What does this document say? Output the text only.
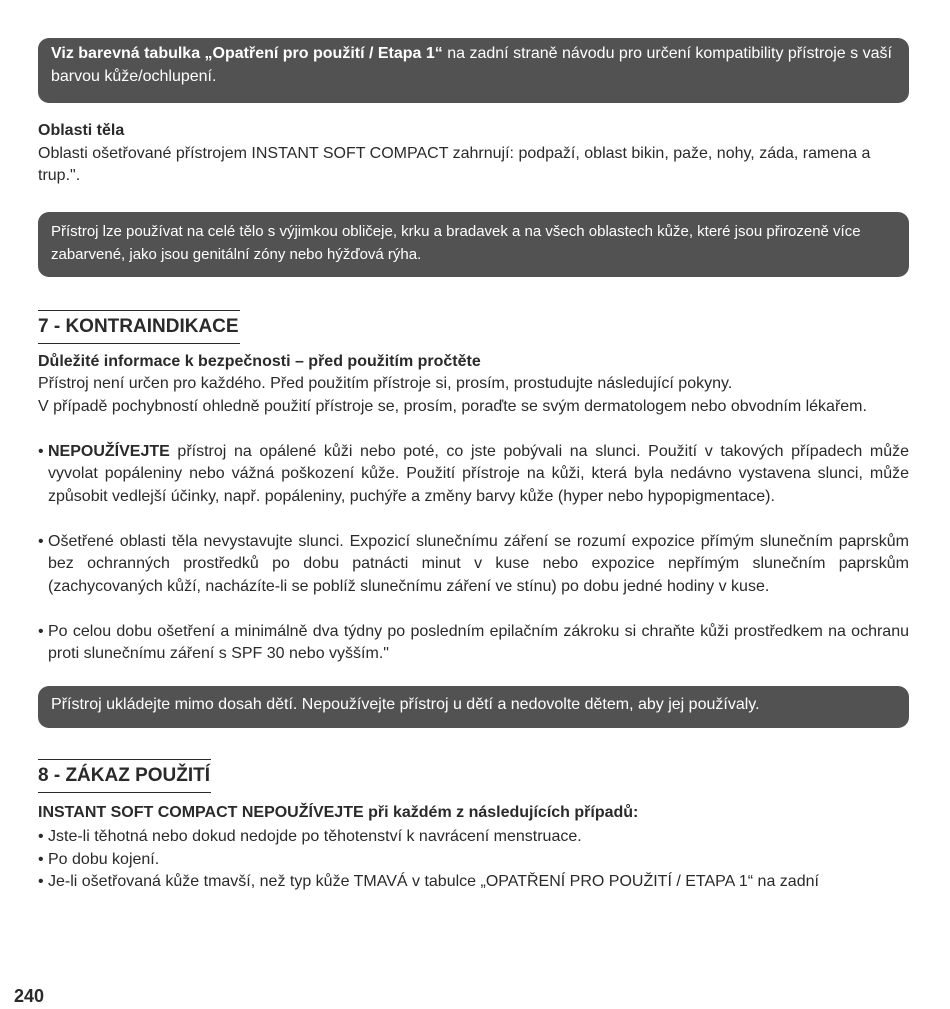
Viz barevná tabulka „Opatření pro použití / Etapa 1“ na zadní straně návodu pro určení kompatibility přístroje s vaší barvou kůže/ochlupení.

Oblasti těla

Oblasti ošetřované přístrojem INSTANT SOFT COMPACT zahrnují: podpaží, oblast bikin, paže, nohy, záda, ramena a trup.".

Přístroj lze používat na celé tělo s výjimkou obličeje, krku a bradavek a na všech oblastech kůže, které jsou přirozeně více zabarvené, jako jsou genitální zóny nebo hýžďová rýha.
7 - KONTRAINDIKACE

Důležité informace k bezpečnosti – před použitím pročtěte

Přístroj není určen pro každého. Před použitím přístroje si, prosím, prostudujte následující pokyny.

V případě pochybností ohledně použití přístroje se, prosím, poraďte se svým dermatologem nebo obvodním lékařem.

• NEPOUŽÍVEJTE přístroj na opálené kůži nebo poté, co jste pobývali na slunci. Použití v takových případech může vyvolat popáleniny nebo vážná poškození kůže. Použití přístroje na kůži, která byla nedávno vystavena slunci, může způsobit vedlejší účinky, např. popáleniny, puchýře a změny barvy kůže (hyper nebo hypopigmentace).
• Ošetřené oblasti těla nevystavujte slunci. Expozicí slunečnímu záření se rozumí expozice přímým slunečním paprskům bez ochranných prostředků po dobu patnácti minut v kuse nebo expozice nepřímým slunečním paprskům (zachycovaných kůží, nacházíte-li se poblíž slunečnímu záření ve stínu) po dobu jedné hodiny v kuse.
• Po celou dobu ošetření a minimálně dva týdny po posledním epilačním zákroku si chraňte kůži prostředkem na ochranu proti slunečnímu záření s SPF 30 nebo vyšším."
Přístroj ukládejte mimo dosah dětí. Nepoužívejte přístroj u dětí a nedovolte dětem, aby jej používaly.
8 - ZÁKAZ POUŽITÍ

INSTANT SOFT COMPACT NEPOUŽÍVEJTE při každém z následujících případů:

• Jste-li těhotná nebo dokud nedojde po těhotenství k navrácení menstruace.
• Po dobu kojení.
• Je-li ošetřovaná kůže tmavší, než typ kůže TMAVÁ v tabulce „OPATŘENÍ PRO POUŽITÍ / ETAPA 1“ na zadní
240
